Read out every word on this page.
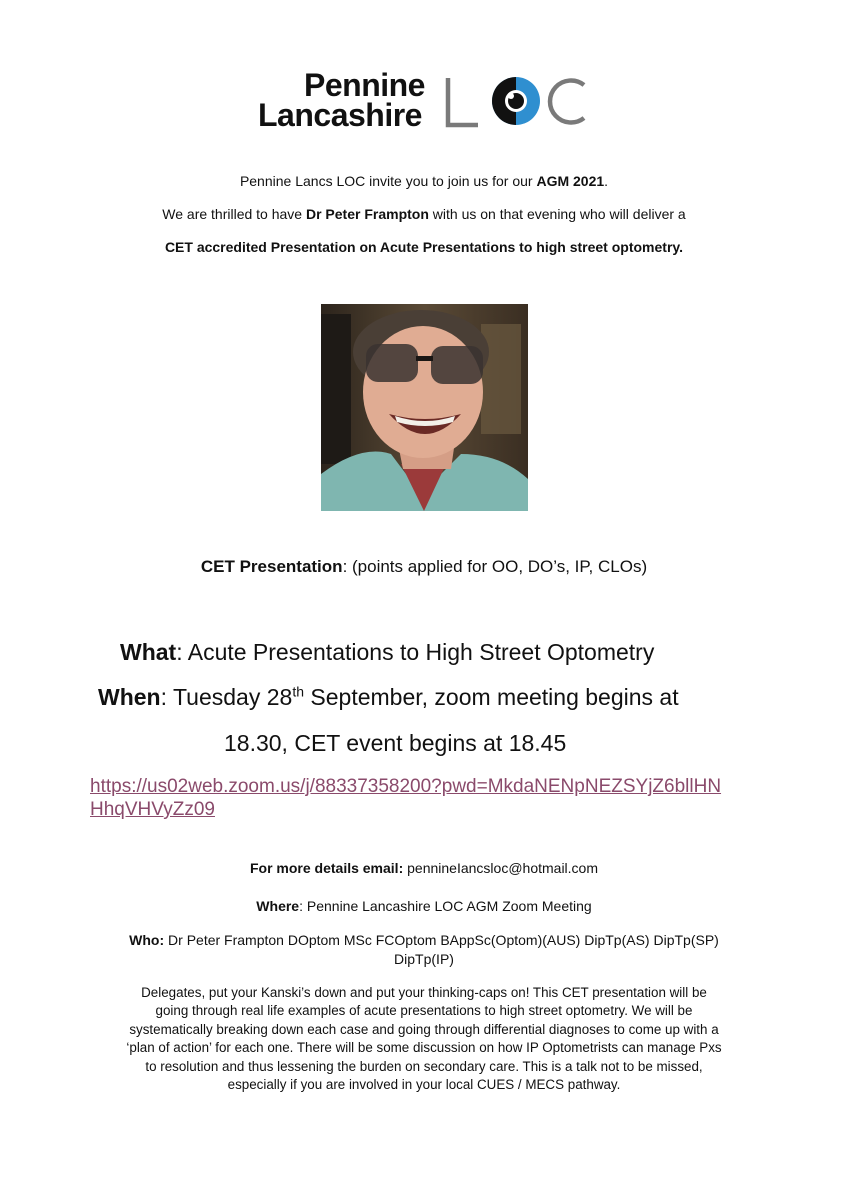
Pennine
Lancashire
Pennine Lancs LOC invite you to join us for our AGM 2021.
We are thrilled to have Dr Peter Frampton with us on that evening who will deliver a
CET accredited Presentation on Acute Presentations to high street optometry.
CET Presentation: (points applied for OO, DO’s, IP, CLOs)
What: Acute Presentations to High Street Optometry
When: Tuesday 28th September, zoom meeting begins at
18.30, CET event begins at 18.45
https://us02web.zoom.us/j/88337358200?pwd=MkdaNENpNEZSYjZ6bllHN
HhqVHVyZz09
For more details email: pennineIancsloc@hotmail.com
Where: Pennine Lancashire LOC AGM Zoom Meeting
Who: Dr Peter Frampton DOptom MSc FCOptom BAppSc(Optom)(AUS) DipTp(AS) DipTp(SP)
DipTp(IP)
Delegates, put your Kanski’s down and put your thinking-caps on! This CET presentation will be
going through real life examples of acute presentations to high street optometry. We will be
systematically breaking down each case and going through differential diagnoses to come up with a
‘plan of action’ for each one. There will be some discussion on how IP Optometrists can manage Pxs
to resolution and thus lessening the burden on secondary care. This is a talk not to be missed,
especially if you are involved in your local CUES / MECS pathway.
